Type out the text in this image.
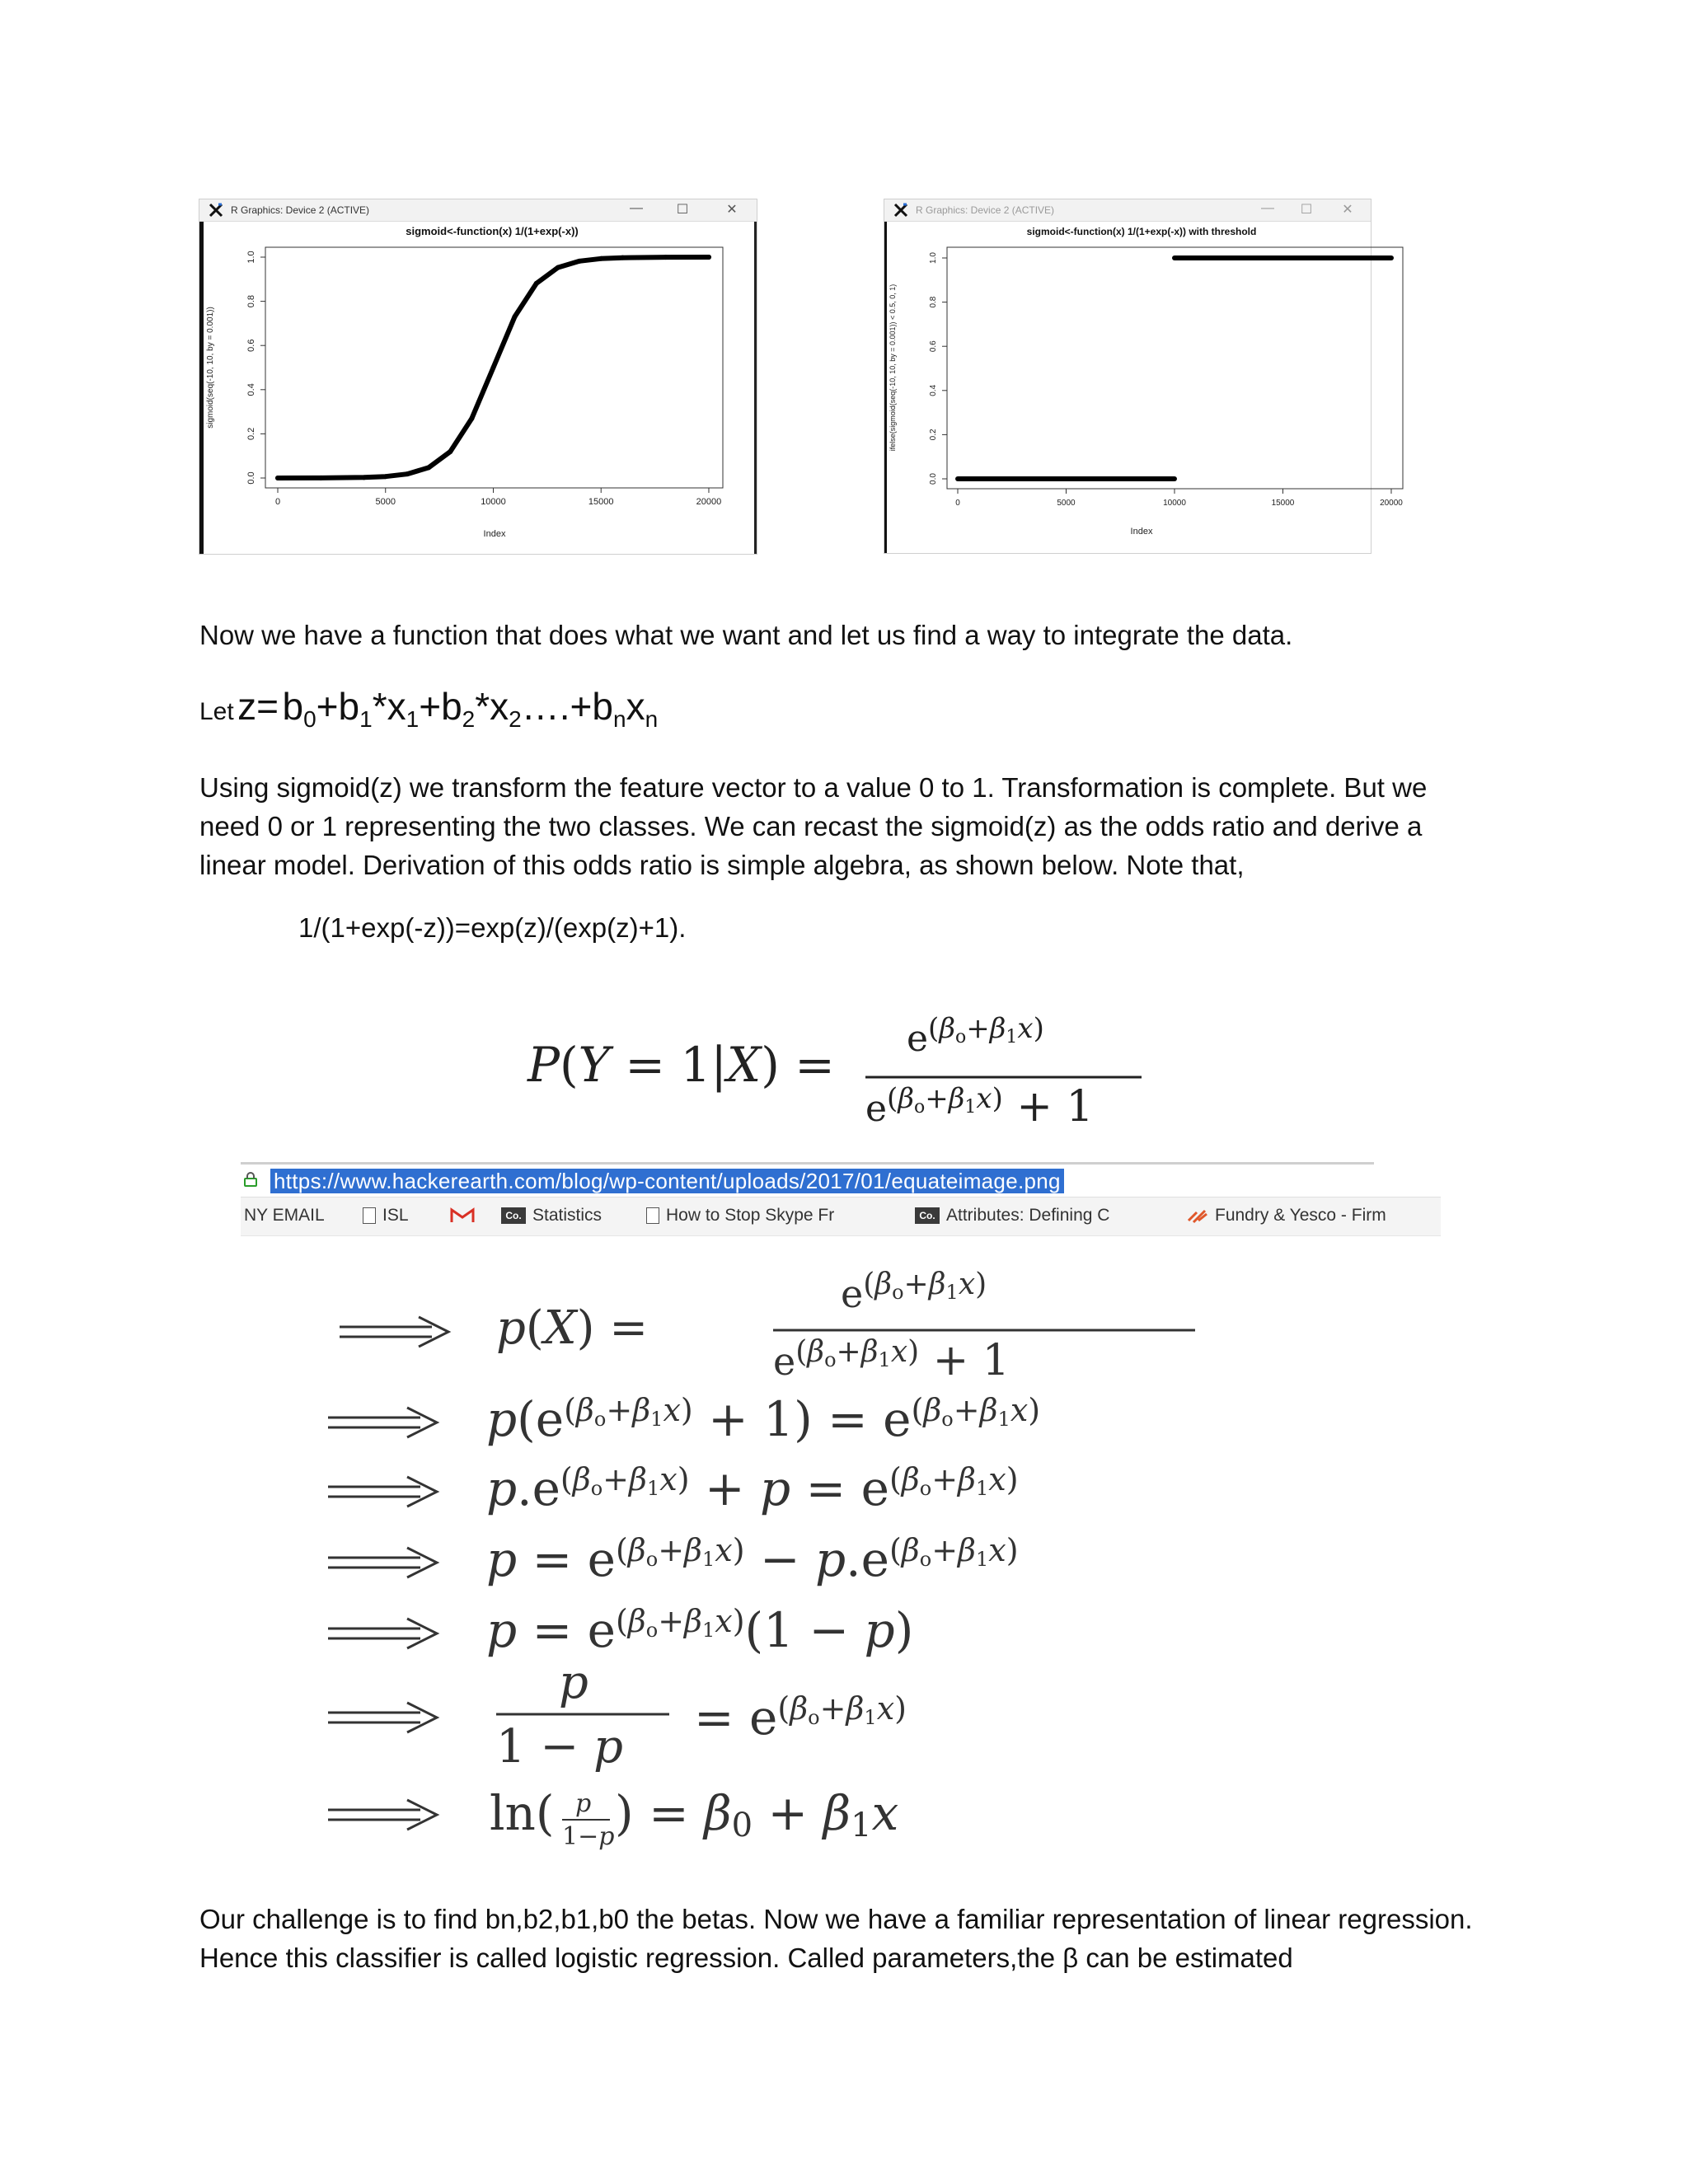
R Graphics: Device 2 (ACTIVE)	—	☐	✕
sigmoid<-function(x) 1/(1+exp(-x))
0	5000	10000	15000	20000
0.0
0.2
0.4
0.6
0.8
1.0
Index
sigmoid(seq(-10, 10, by = 0.001))
R Graphics: Device 2 (ACTIVE)	— ☐ ✕
sigmoid<-function(x) 1/(1+exp(-x)) with threshold
0	5000	10000	15000	20000
0.0
0.2
0.4
0.6
0.8
1.0
Index
ifelse(sigmoid(seq(-10, 10, by = 0.001)) < 0.5, 0, 1)
Now we have a function that does what we want and let us find a way to integrate the data.
Let $z= b_0+b_1*x_1+b_2*x_2\dots.+b_nx_n$
Using sigmoid(z) we transform the feature vector to a value 0 to 1. Transformation is complete. But we need 0 or 1 representing the two classes. We can recast the sigmoid(z) as the odds ratio and derive a linear model. Derivation of this odds ratio is simple algebra, as shown below. Note that,
1/(1+exp(-z))=exp(z)/(exp(z)+1).
$P(Y = 1|X) = e^{(\beta o+\beta 1x)}$
$e^{(\beta o+\beta 1x)} + 1$
https://www.hackerearth.com/blog/wp-content/uploads/2017/01/equateimage.png
NY EMAIL	ISL	Co. Statistics	How to Stop Skype Fr	Co. Attributes: Defining C	Fundry & Yesco - Firm
p(X) =
$e^{(\beta o+\beta 1x)}$
$e^{(\beta o+\beta 1x)} + 1$
$p(e^{(\beta o+\beta 1x)} + 1) = e^{(\beta o+\beta 1x)}$
$p.e^{(\beta o+\beta 1x)} + p = e^{(\beta o+\beta 1x)}$
$p = e^{(\beta o+\beta 1x)} - p.e^{(\beta o+\beta 1x)}$
$p = e^{(\beta o+\beta 1x)}(1 - p)$
p
1 − p
= $e^{(\beta o+\beta 1x)}$
ln( p
1−p ) = β0 + β1x
Our challenge is to find bn,b2,b1,b0 the betas. Now we have a familiar representation of linear regression. Hence this classifier is called logistic regression. Called parameters,the β can be estimated
